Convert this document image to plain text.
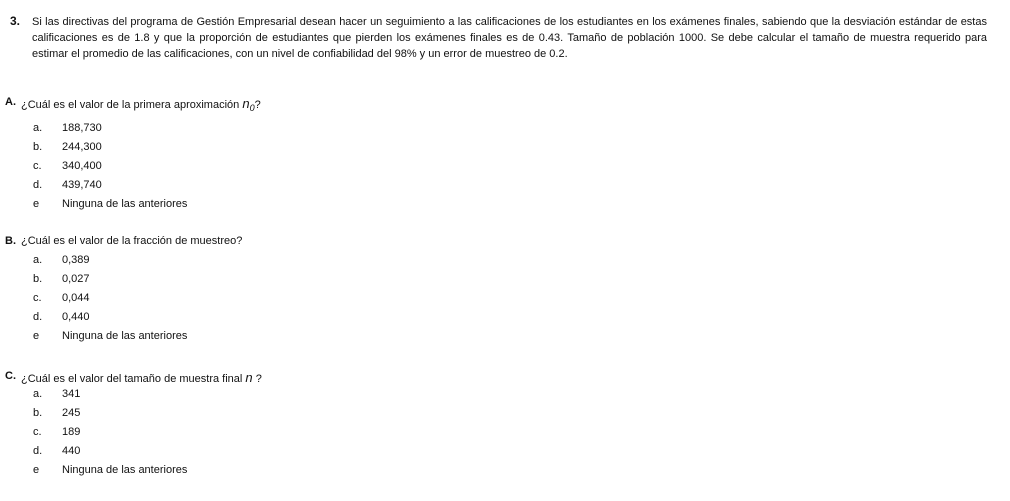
3. Si las directivas del programa de Gestión Empresarial desean hacer un seguimiento a las calificaciones de los estudiantes en los exámenes finales, sabiendo que la desviación estándar de estas calificaciones es de 1.8 y que la proporción de estudiantes que pierden los exámenes finales es de 0.43. Tamaño de población 1000. Se debe calcular el tamaño de muestra requerido para estimar el promedio de las calificaciones, con un nivel de confiabilidad del 98% y un error de muestreo de 0.2.
A. ¿Cuál es el valor de la primera aproximación $n_0$?
a. 188,730
b. 244,300
c. 340,400
d. 439,740
e Ninguna de las anteriores
B. ¿Cuál es el valor de la fracción de muestreo?
a. 0,389
b. 0,027
c. 0,044
d. 0,440
e Ninguna de las anteriores
C. ¿Cuál es el valor del tamaño de muestra final n ?
a. 341
b. 245
c. 189
d. 440
e Ninguna de las anteriores
